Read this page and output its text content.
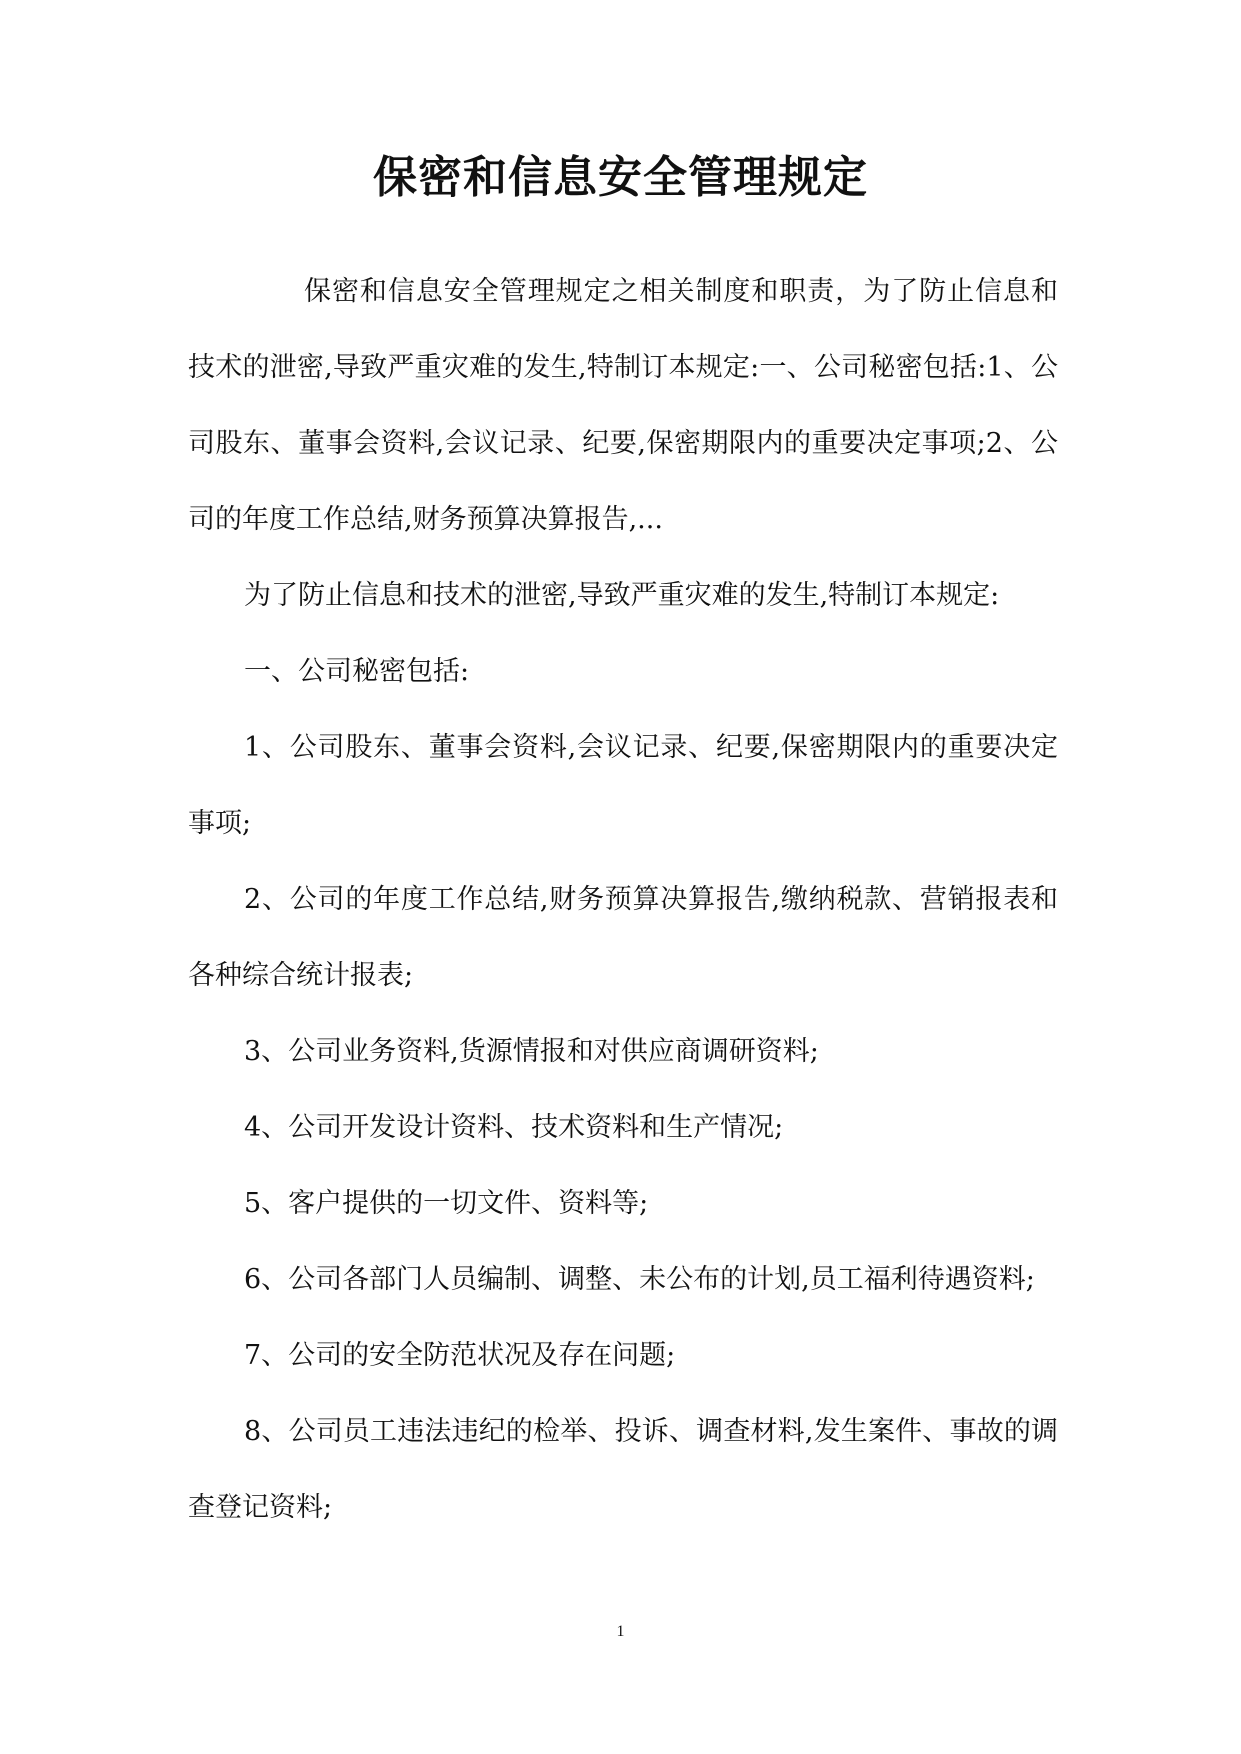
保密和信息安全管理规定

保密和信息安全管理规定之相关制度和职责，为了防止信息和技术的泄密,导致严重灾难的发生,特制订本规定:一、公司秘密包括:1、公司股东、董事会资料,会议记录、纪要,保密期限内的重要决定事项;2、公司的年度工作总结,财务预算决算报告,...

为了防止信息和技术的泄密,导致严重灾难的发生,特制订本规定:

一、公司秘密包括:

1、公司股东、董事会资料,会议记录、纪要,保密期限内的重要决定事项;

2、公司的年度工作总结,财务预算决算报告,缴纳税款、营销报表和各种综合统计报表;

3、公司业务资料,货源情报和对供应商调研资料;

4、公司开发设计资料、技术资料和生产情况;

5、客户提供的一切文件、资料等;

6、公司各部门人员编制、调整、未公布的计划,员工福利待遇资料;

7、公司的安全防范状况及存在问题;

8、公司员工违法违纪的检举、投诉、调查材料,发生案件、事故的调查登记资料;

1
